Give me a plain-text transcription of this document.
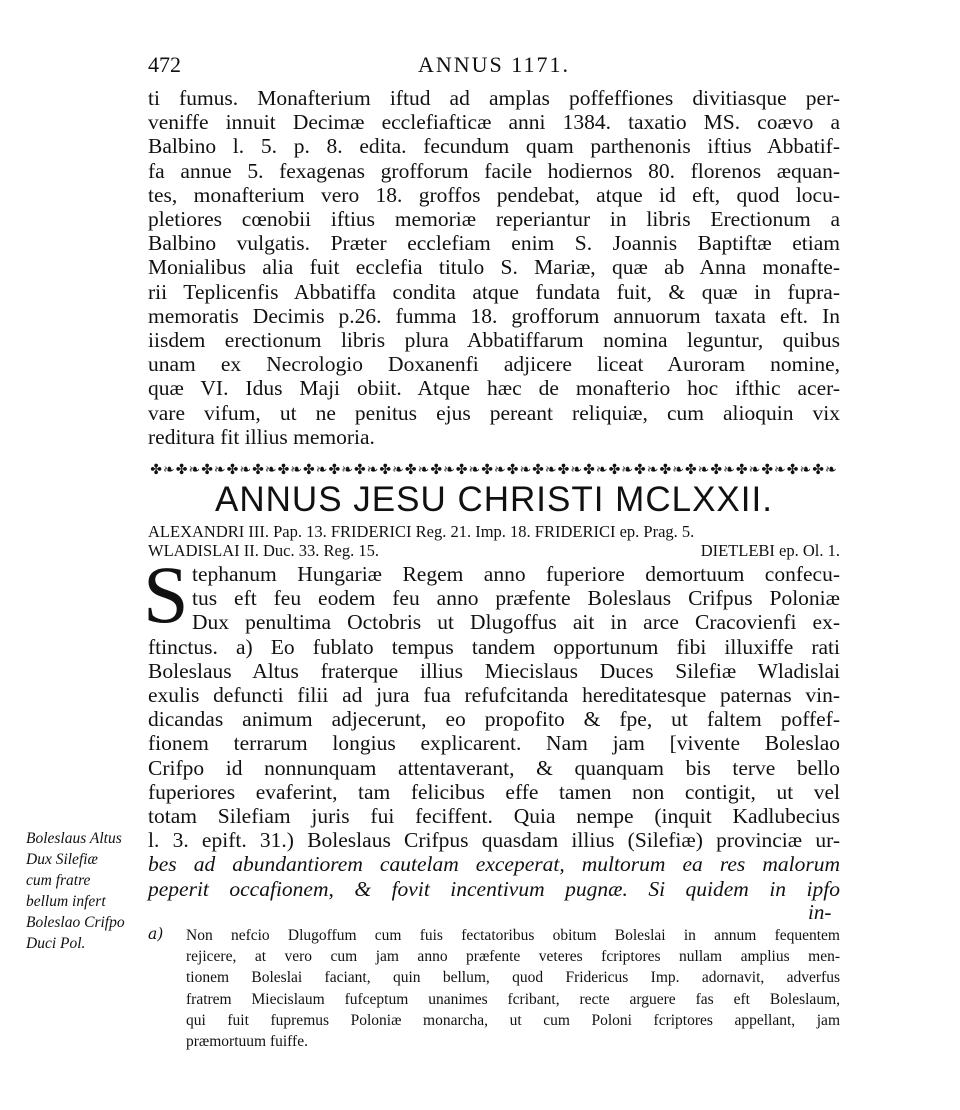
472	ANNUS 1171.
ti fumus. Monafterium iftud ad amplas poffeffiones divitiasque per-
veniffe innuit Decimæ ecclefiafticæ anni 1384. taxatio MS. coævo a
Balbino l. 5. p. 8. edita. fecundum quam parthenonis iftius Abbatif-
fa annue 5. fexagenas grofforum facile hodiernos 80. florenos æquan-
tes, monafterium vero 18. groffos pendebat, atque id eft, quod locu-
pletiores cœnobii iftius memoriæ reperiantur in libris Erectionum a
Balbino vulgatis. Præter ecclefiam enim S. Joannis Baptiftæ etiam
Monialibus alia fuit ecclefia titulo S. Mariæ, quæ ab Anna monafte-
rii Teplicenfis Abbatiffa condita atque fundata fuit, & quæ in fupra-
memoratis Decimis p.26. fumma 18. grofforum annuorum taxata eft. In
iisdem erectionum libris plura Abbatiffarum nomina leguntur, quibus
unam ex Necrologio Doxanenfi adjicere liceat Auroram nomine,
quæ VI. Idus Maji obiit. Atque hæc de monafterio hoc ifthic acer-
vare vifum, ut ne penitus ejus pereant reliquiæ, cum alioquin vix
reditura fit illius memoria.
✤❧✤❧✤❧✤❧✤❧✤❧✤❧✤❧✤❧✤❧✤❧✤❧✤❧✤❧✤❧✤❧✤❧✤❧✤❧✤❧✤❧✤❧✤❧✤❧✤❧✤❧✤❧
ANNUS JESU CHRISTI MCLXXII.
ALEXANDRI III. Pap. 13. FRIDERICI Reg. 21. Imp. 18. FRIDERICI ep. Prag. 5.
WLADISLAI II. Duc. 33. Reg. 15.	DIETLEBI ep. Ol. 1.
S tephanum Hungariæ Regem anno fuperiore demortuum confecu-
tus eft feu eodem feu anno præfente Boleslaus Crifpus Poloniæ
Dux penultima Octobris ut Dlugoffus ait in arce Cracovienfi ex-
ftinctus. a) Eo fublato tempus tandem opportunum fibi illuxiffe rati
Boleslaus Altus fraterque illius Miecislaus Duces Silefiæ Wladislai
exulis defuncti filii ad jura fua refufcitanda hereditatesque paternas vin-
dicandas animum adjecerunt, eo propofito & fpe, ut faltem poffef-
fionem terrarum longius explicarent. Nam jam [vivente Boleslao
Crifpo id nonnunquam attentaverant, & quanquam bis terve bello
fuperiores evaferint, tam felicibus effe tamen non contigit, ut vel
totam Silefiam juris fui feciffent. Quia nempe (inquit Kadlubecius
l. 3. epift. 31.) Boleslaus Crifpus quasdam illius (Silefiæ) provinciæ ur-
bes ad abundantiorem cautelam exceperat, multorum ea res malorum
peperit occafionem, & fovit incentivum pugnæ. Si quidem in ipfo
in-
Boleslaus Altus
Dux Silefiæ
cum fratre
bellum infert
Boleslao Crifpo
Duci Pol.
a)	Non nefcio Dlugoffum cum fuis fectatoribus obitum Boleslai in annum fequentem
rejicere, at vero cum jam anno præfente veteres fcriptores nullam amplius men-
tionem Boleslai faciant, quin bellum, quod Fridericus Imp. adornavit, adverfus
fratrem Miecislaum fufceptum unanimes fcribant, recte arguere fas eft Boleslaum,
qui fuit fupremus Poloniæ monarcha, ut cum Poloni fcriptores appellant, jam
præmortuum fuiffe.
